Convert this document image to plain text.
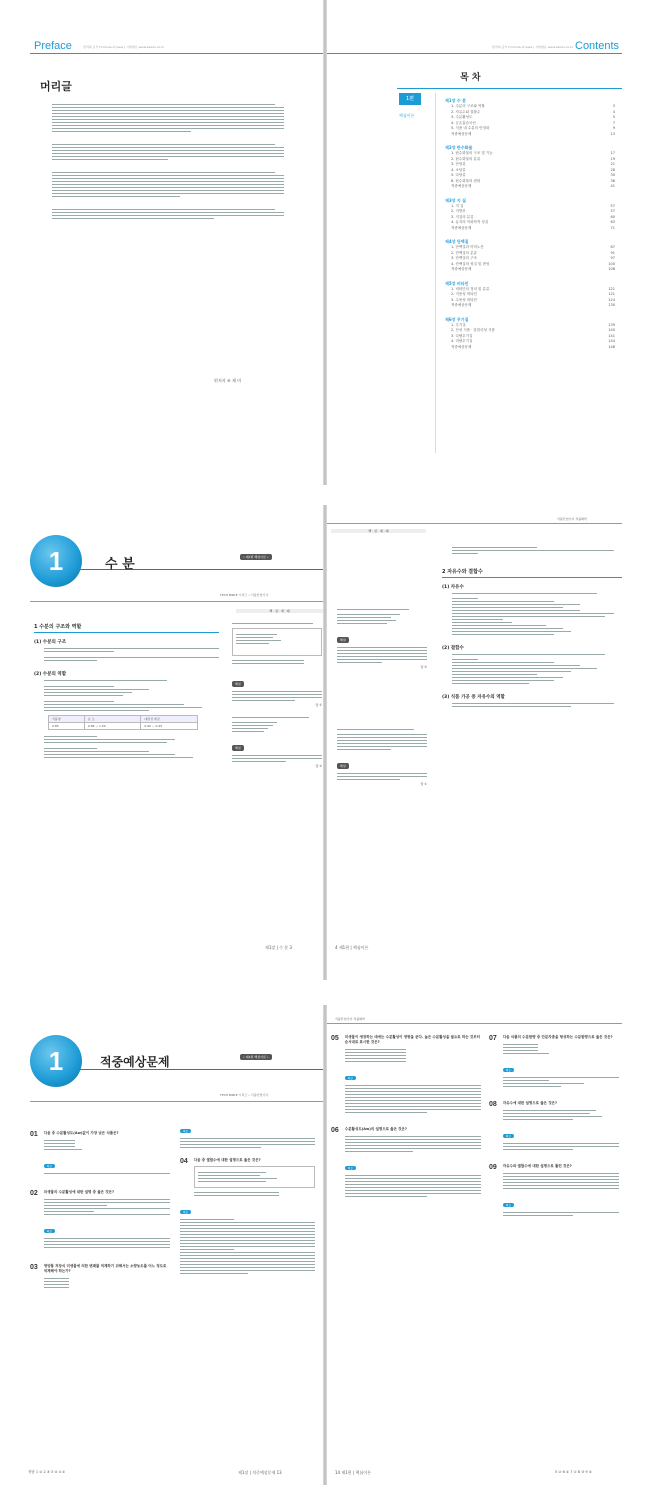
Preface	합격의 공식 Formula of pass | 시대에듀 www.sdedu.co.kr
머리글
편저자 조 제 미
합격의 공식 Formula of pass | 시대에듀 www.sdedu.co.kr Contents
목 차
1편
핵심이론
제1장 수 분
1. 수분의 구조와 역할	3
2. 자유수와 결합수	4
3. 수분활성도	5
4. 등온흡습곡선	7
5. 식품 내 수분의 안정화	9
적중예상문제	13
제2장 탄수화물
1. 탄수화물의 구조 및 기능	17
2. 탄수화물의 분류	19
3. 단당류	21
4. 소당류	28
5. 다당류	30
6. 탄수화물의 변화	36
적중예상문제	41
제3장 지 질
1. 지 질	57
2. 지방산	57
3. 지질의 분류	60
4. 유지의 이화학적 성질	63
적중예상문제	71
제4장 단백질
1. 단백질과 아미노산	87
2. 단백질의 분류	91
3. 단백질의 구조	97
4. 단백질의 성질 및 변성	100
적중예상문제	106
제5장 비타민
1. 비타민의 정의 및 분류	121
2. 지용성 비타민	121
3. 수용성 비타민	124
적중예상문제	130
제6장 무기질
1. 무기질	139
2. 산성 식품 · 알칼리성 식품	140
3. 다량무기질	141
4. 미량무기질	144
적중예상문제	148
• 제1편 핵심이론 •
1	수 분
TECH BIBLE 시리즈 • 식품산업기사
핵 · 심 · 예 · 제
1 수분의 구조와 역할
(1) 수분의 구조
(2) 수분의 역할
식품명	표 오	내면성 세균
0.85	0.86 ~ 1.00	0.90 ~ 0.95
해설
답 ①
해설
답 ②
제1장 | 수 분 3
식품산업기사 식품화학
핵 · 심 · 예 · 제
해설
답 ③
해설
답 ①
2 자유수와 결합수
(1) 자유수
(2) 결합수
(3) 식품 가공 중 자유수의 역할
4 제1편 | 핵심이론
• 제1편 핵심이론 •
1	적중예상문제
TECH BIBLE 시리즈 • 식품산업기사
01 다음 중 수분활성도(Aw)값이 가장 낮은 식품은?
해설
02 미생물의 수분활성에 대한 설명 중 옳은 것은?
해설
03 영양통 저장식 미생물에 의한 변패를 억제하기 위해서는 소량농도를 어느 정도로 억제해야 하는가?
해설
04 다음 중 결합수에 대한 설명으로 옳은 것은?
해설
정답 1 ② 2 ③ 3 ④ 4 ②	제1장 | 적중예상문제 13
식품산업기사 식품화학
05 미생물이 생장하는 데에는 수분활성이 영향을 준다. 높은 수분활성을 필요로 하는 것부터 순서대로 표시한 것은?
해설
06 수분활성도(Aw)의 설명으로 옳은 것은?
해설
07 다음 식품의 수분함량 중 단분자층을 형성하는 수분함량으로 옳은 것은?
해설
08 자유수에 대한 설명으로 옳은 것은?
해설
09 자유수와 결합수에 대한 설명으로 틀린 것은?
해설
14 제1편 | 핵심이론	5 ② 6 ② 7 ① 8 ③ 9 ②
